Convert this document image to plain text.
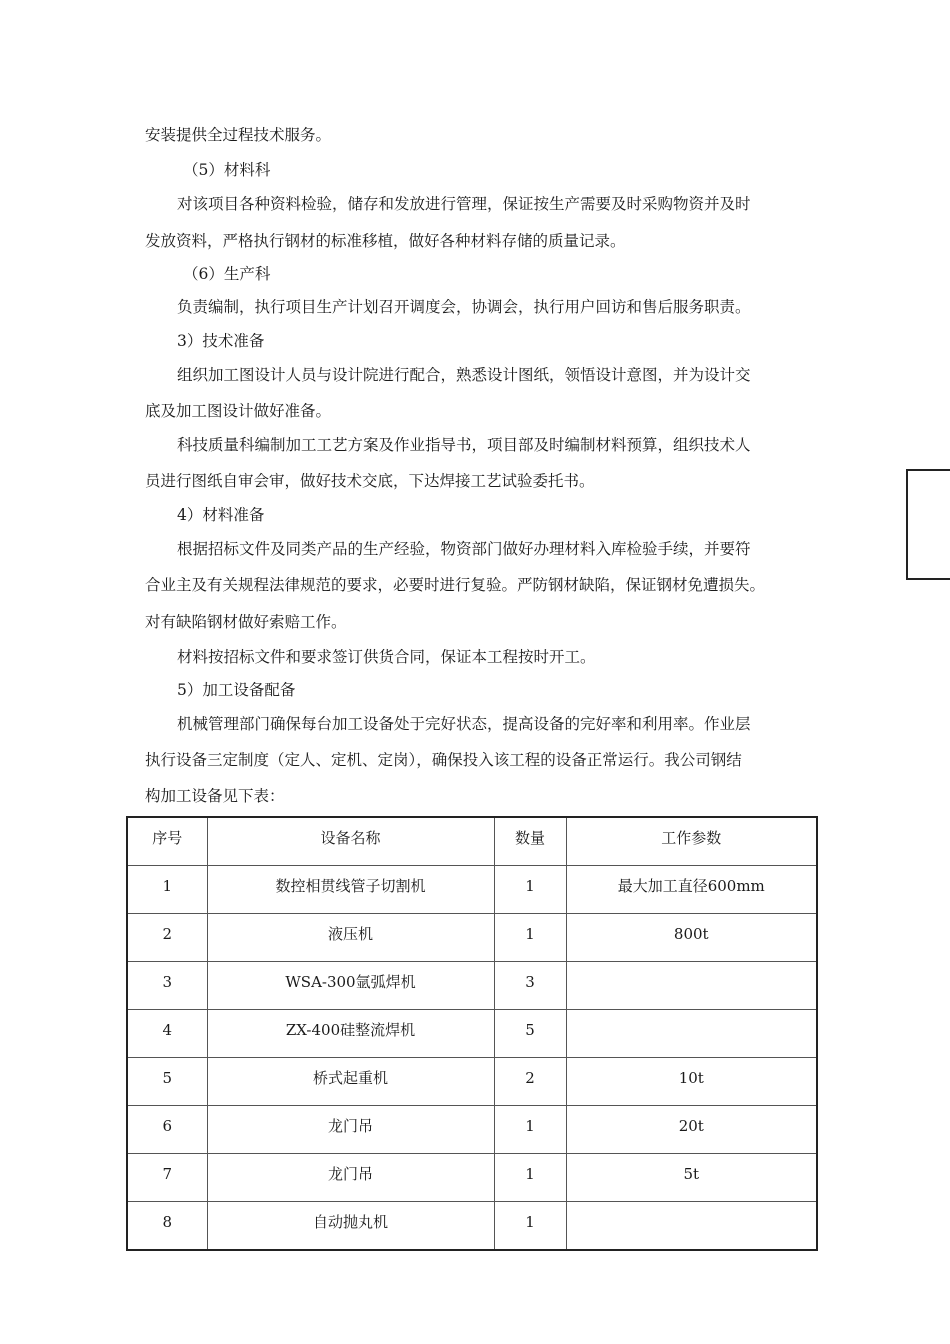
安装提供全过程技术服务。
（5）材料科
对该项目各种资料检验，储存和发放进行管理，保证按生产需要及时采购物资并及时
发放资料，严格执行钢材的标准移植，做好各种材料存储的质量记录。
（6）生产科
负责编制，执行项目生产计划召开调度会，协调会，执行用户回访和售后服务职责。
3）技术准备
组织加工图设计人员与设计院进行配合，熟悉设计图纸，领悟设计意图，并为设计交
底及加工图设计做好准备。
科技质量科编制加工工艺方案及作业指导书，项目部及时编制材料预算，组织技术人
员进行图纸自审会审，做好技术交底，下达焊接工艺试验委托书。
4）材料准备
根据招标文件及同类产品的生产经验，物资部门做好办理材料入库检验手续，并要符
合业主及有关规程法律规范的要求，必要时进行复验。严防钢材缺陷，保证钢材免遭损失。
对有缺陷钢材做好索赔工作。
材料按招标文件和要求签订供货合同，保证本工程按时开工。
5）加工设备配备
机械管理部门确保每台加工设备处于完好状态，提高设备的完好率和利用率。作业层
执行设备三定制度（定人、定机、定岗），确保投入该工程的设备正常运行。我公司钢结
构加工设备见下表：
序号	设备名称	数量	工作参数
1	数控相贯线管子切割机	1	最大加工直径600mm
2	液压机	1	800t
3	WSA-300氩弧焊机	3	
4	ZX-400硅整流焊机	5	
5	桥式起重机	2	10t
6	龙门吊	1	20t
7	龙门吊	1	5t
8	自动抛丸机	1	
